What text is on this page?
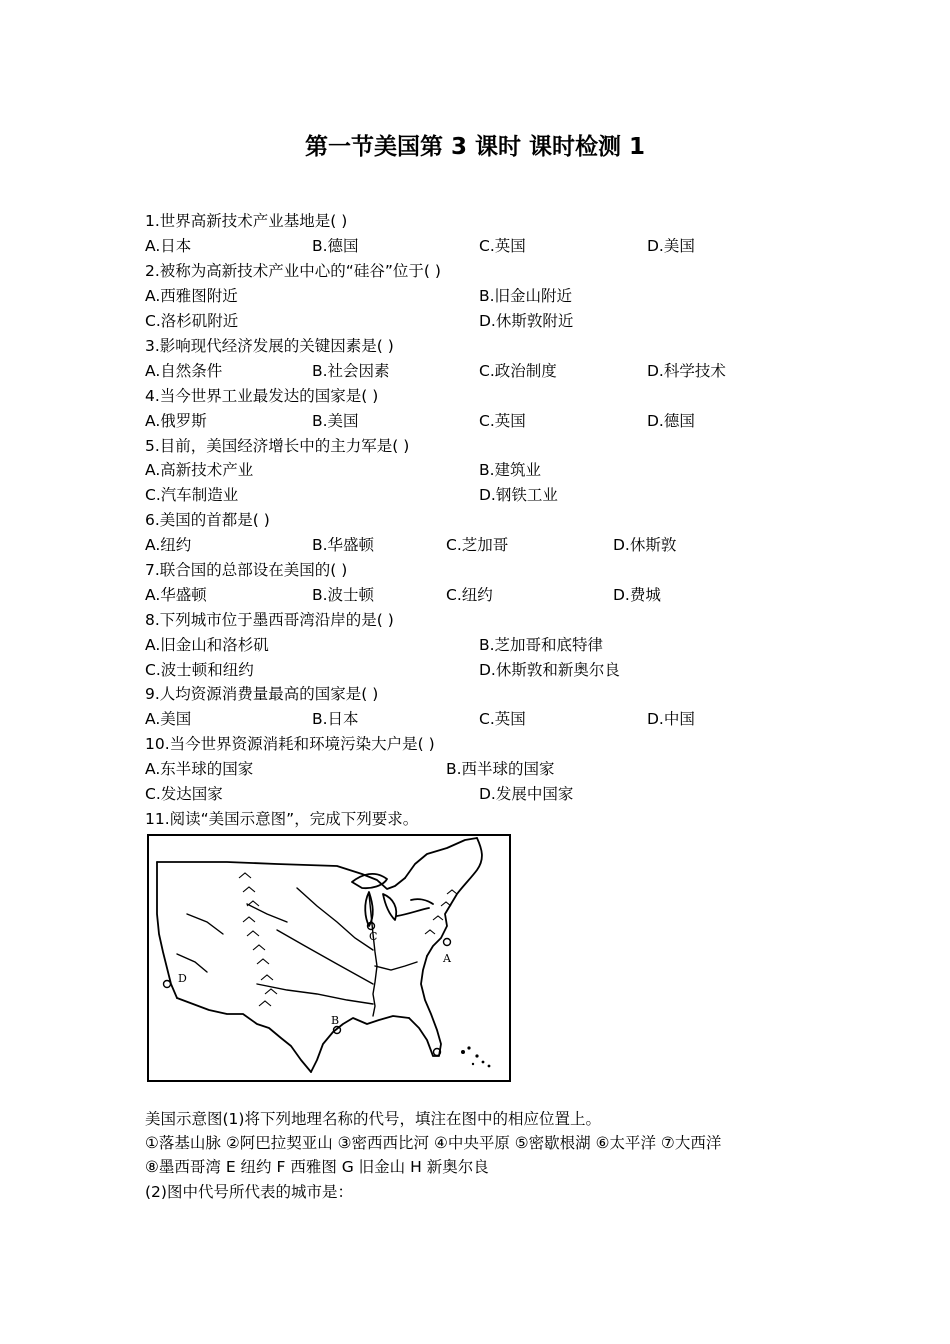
第一节美国第 3 课时 课时检测 1
1.世界高新技术产业基地是( )
A.日本	B.德国	C.英国	D.美国
2.被称为高新技术产业中心的“硅谷”位于( )
A.西雅图附近	B.旧金山附近
C.洛杉矶附近	D.休斯敦附近
3.影响现代经济发展的关键因素是( )
A.自然条件	B.社会因素	C.政治制度	D.科学技术
4.当今世界工业最发达的国家是( )
A.俄罗斯	B.美国	C.英国	D.德国
5.目前，美国经济增长中的主力军是( )
A.高新技术产业	B.建筑业
C.汽车制造业	D.钢铁工业
6.美国的首都是( )
A.纽约	B.华盛顿	C.芝加哥	D.休斯敦
7.联合国的总部设在美国的( )
A.华盛顿	B.波士顿	C.纽约	D.费城
8.下列城市位于墨西哥湾沿岸的是( )
A.旧金山和洛杉矶	B.芝加哥和底特律
C.波士顿和纽约	D.休斯敦和新奥尔良
9.人均资源消费量最高的国家是( )
A.美国	B.日本	C.英国	D.中国
10.当今世界资源消耗和环境污染大户是( )
A.东半球的国家	B.西半球的国家
C.发达国家	D.发展中国家
11.阅读“美国示意图”，完成下列要求。
A
B
C
D
美国示意图(1)将下列地理名称的代号，填注在图中的相应位置上。
①落基山脉 ②阿巴拉契亚山 ③密西西比河 ④中央平原 ⑤密歇根湖 ⑥太平洋 ⑦大西洋
⑧墨西哥湾 E 纽约 F 西雅图 G 旧金山 H 新奥尔良
(2)图中代号所代表的城市是：
